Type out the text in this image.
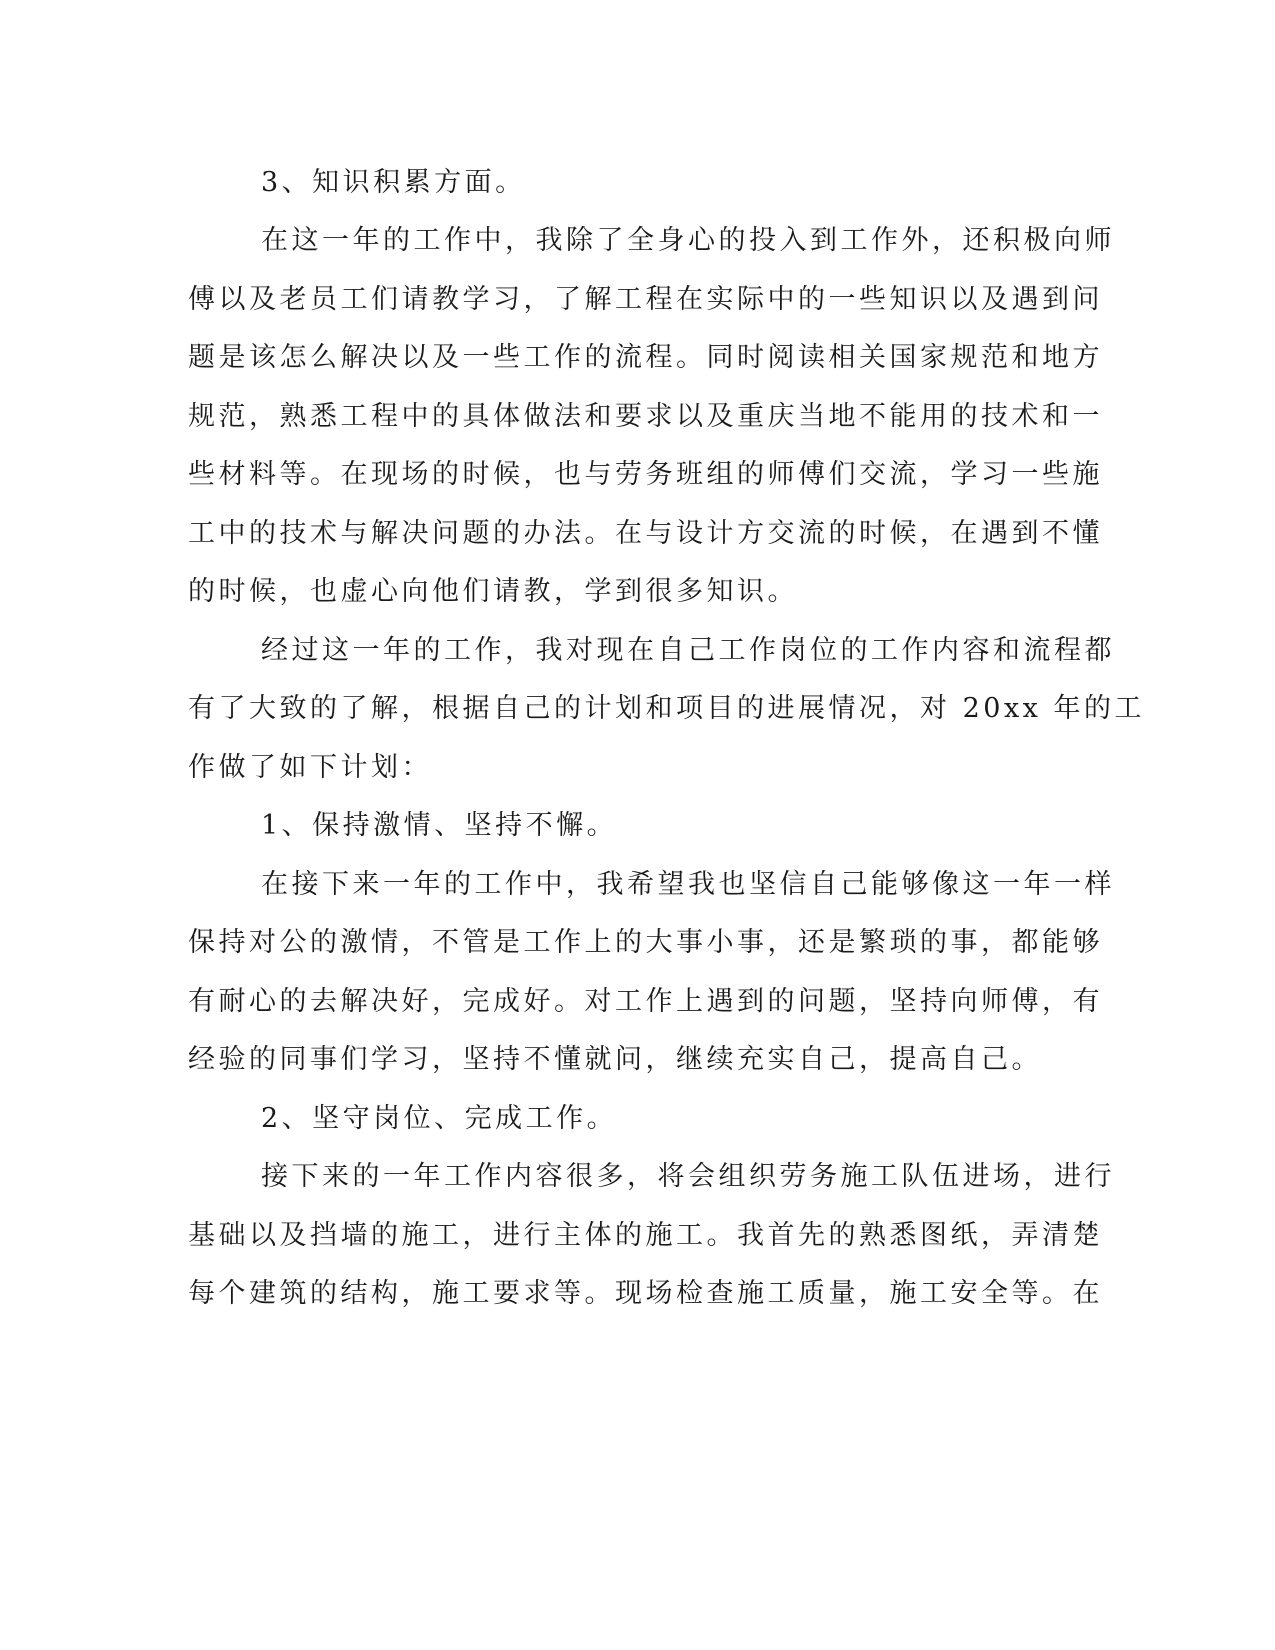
3、知识积累方面。

在这一年的工作中，我除了全身心的投入到工作外，还积极向师

傅以及老员工们请教学习，了解工程在实际中的一些知识以及遇到问

题是该怎么解决以及一些工作的流程。同时阅读相关国家规范和地方

规范，熟悉工程中的具体做法和要求以及重庆当地不能用的技术和一

些材料等。在现场的时候，也与劳务班组的师傅们交流，学习一些施

工中的技术与解决问题的办法。在与设计方交流的时候，在遇到不懂

的时候，也虚心向他们请教，学到很多知识。

经过这一年的工作，我对现在自己工作岗位的工作内容和流程都

有了大致的了解，根据自己的计划和项目的进展情况，对 20xx 年的工

作做了如下计划：

1、保持激情、坚持不懈。

在接下来一年的工作中，我希望我也坚信自己能够像这一年一样

保持对公的激情，不管是工作上的大事小事，还是繁琐的事，都能够

有耐心的去解决好，完成好。对工作上遇到的问题，坚持向师傅，有

经验的同事们学习，坚持不懂就问，继续充实自己，提高自己。

2、坚守岗位、完成工作。

接下来的一年工作内容很多，将会组织劳务施工队伍进场，进行

基础以及挡墙的施工，进行主体的施工。我首先的熟悉图纸，弄清楚

每个建筑的结构，施工要求等。现场检查施工质量，施工安全等。在
